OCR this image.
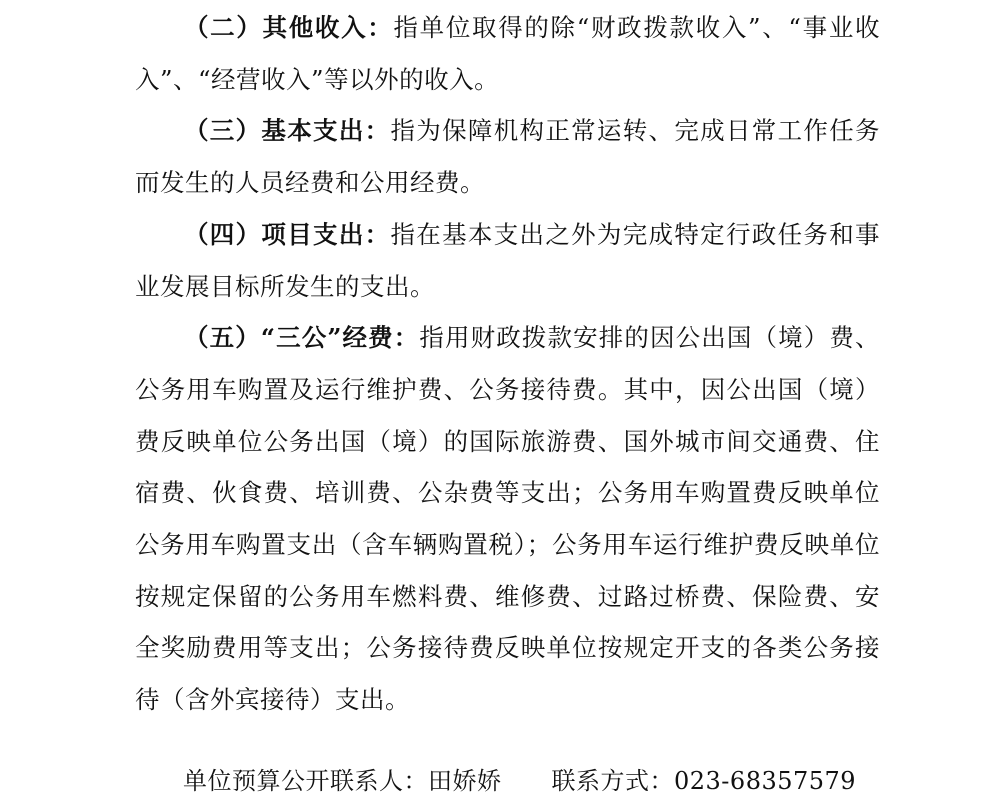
（二）其他收入：指单位取得的除“财政拨款收入”、“事业收入”、“经营收入”等以外的收入。

（三）基本支出：指为保障机构正常运转、完成日常工作任务而发生的人员经费和公用经费。

（四）项目支出：指在基本支出之外为完成特定行政任务和事业发展目标所发生的支出。

（五）“三公”经费：指用财政拨款安排的因公出国（境）费、公务用车购置及运行维护费、公务接待费。其中，因公出国（境）费反映单位公务出国（境）的国际旅游费、国外城市间交通费、住宿费、伙食费、培训费、公杂费等支出；公务用车购置费反映单位公务用车购置支出（含车辆购置税）；公务用车运行维护费反映单位按规定保留的公务用车燃料费、维修费、过路过桥费、保险费、安全奖励费用等支出；公务接待费反映单位按规定开支的各类公务接待（含外宾接待）支出。

单位预算公开联系人：田娇娇 联系方式：023-68357579
